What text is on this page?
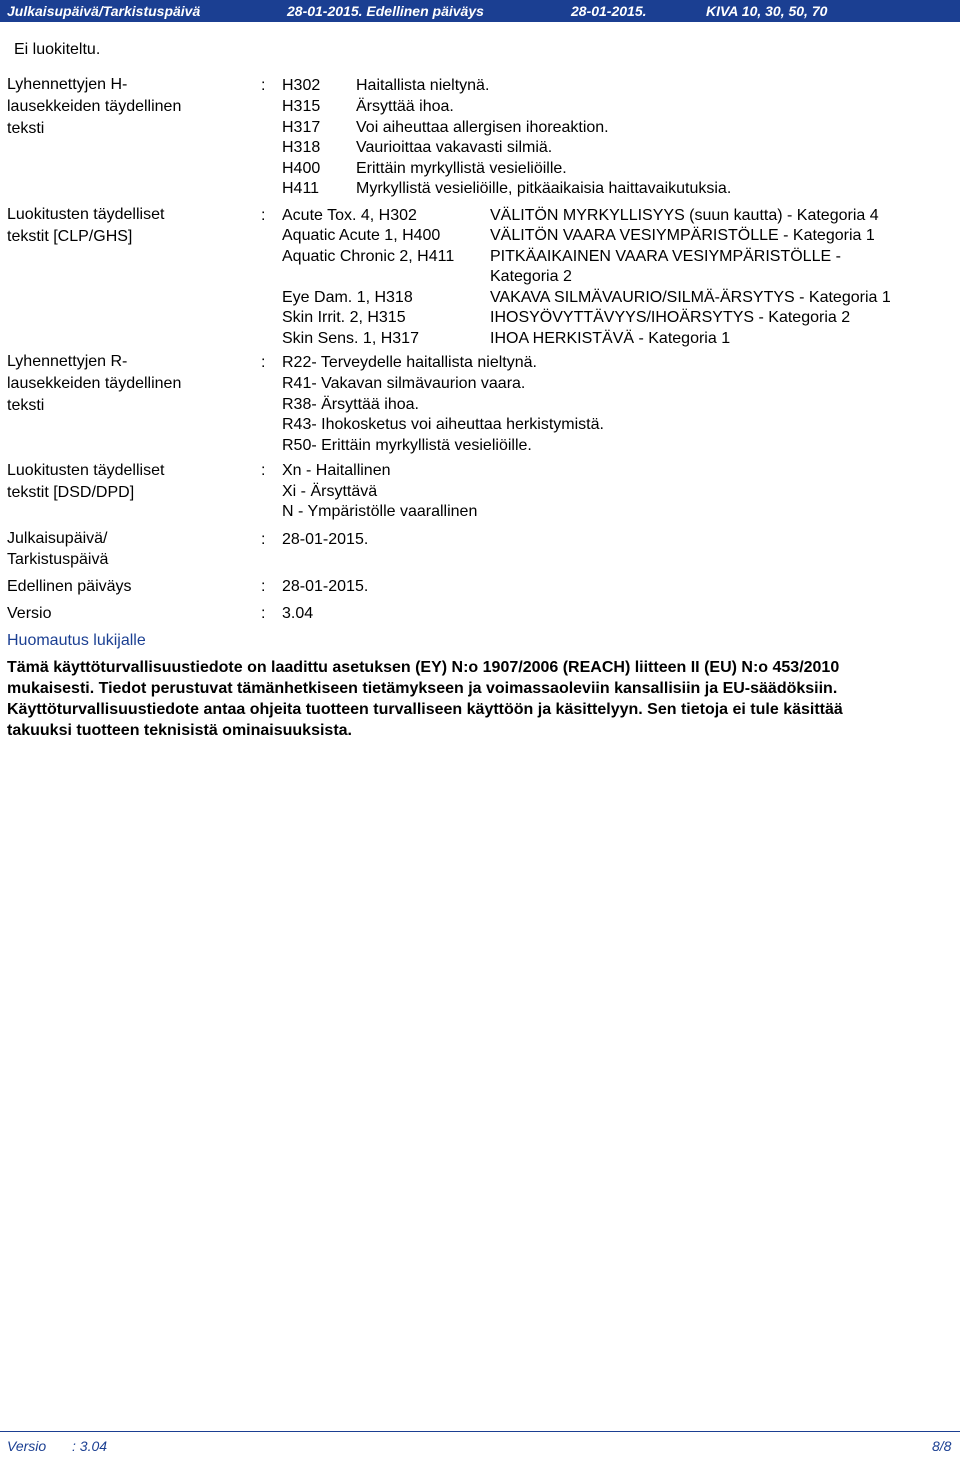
Julkaisupäivä/Tarkistuspäivä	28-01-2015. Edellinen päiväys	28-01-2015.	KIVA 10, 30, 50, 70
Ei luokiteltu.
Lyhennettyjen H-
lausekkeiden täydellinen
teksti
: H302 Haitallista nieltynä.
H315 Ärsyttää ihoa.
H317 Voi aiheuttaa allergisen ihoreaktion.
H318 Vaurioittaa vakavasti silmiä.
H400 Erittäin myrkyllistä vesieliöille.
H411 Myrkyllistä vesieliöille, pitkäaikaisia haittavaikutuksia.
Luokitusten täydelliset
tekstit [CLP/GHS]
: Acute Tox. 4, H302	VÄLITÖN MYRKYLLISYYS (suun kautta) - Kategoria 4
Aquatic Acute 1, H400	VÄLITÖN VAARA VESIYMPÄRISTÖLLE - Kategoria 1
Aquatic Chronic 2, H411 PITKÄAIKAINEN VAARA VESIYMPÄRISTÖLLE -
Kategoria 2
Eye Dam. 1, H318	VAKAVA SILMÄVAURIO/SILMÄ-ÄRSYTYS - Kategoria 1
Skin Irrit. 2, H315	IHOSYÖVYTTÄVYYS/IHOÄRSYTYS - Kategoria 2
Skin Sens. 1, H317	IHOA HERKISTÄVÄ - Kategoria 1
Lyhennettyjen R-
lausekkeiden täydellinen
teksti
: R22- Terveydelle haitallista nieltynä.
R41- Vakavan silmävaurion vaara.
R38- Ärsyttää ihoa.
R43- Ihokosketus voi aiheuttaa herkistymistä.
R50- Erittäin myrkyllistä vesieliöille.
Luokitusten täydelliset
tekstit [DSD/DPD]
: Xn - Haitallinen
Xi - Ärsyttävä
N - Ympäristölle vaarallinen
Julkaisupäivä/
Tarkistuspäivä
: 28-01-2015.
Edellinen päiväys	: 28-01-2015.
Versio	: 3.04
Huomautus lukijalle

Tämä käyttöturvallisuustiedote on laadittu asetuksen (EY) N:o 1907/2006 (REACH) liitteen II (EU) N:o 453/2010

mukaisesti. Tiedot perustuvat tämänhetkiseen tietämykseen ja voimassaoleviin kansallisiin ja EU-säädöksiin.

Käyttöturvallisuustiedote antaa ohjeita tuotteen turvalliseen käyttöön ja käsittelyyn. Sen tietoja ei tule käsittää

takuuksi tuotteen teknisistä ominaisuuksista.

Versio : 3.04	8/8
